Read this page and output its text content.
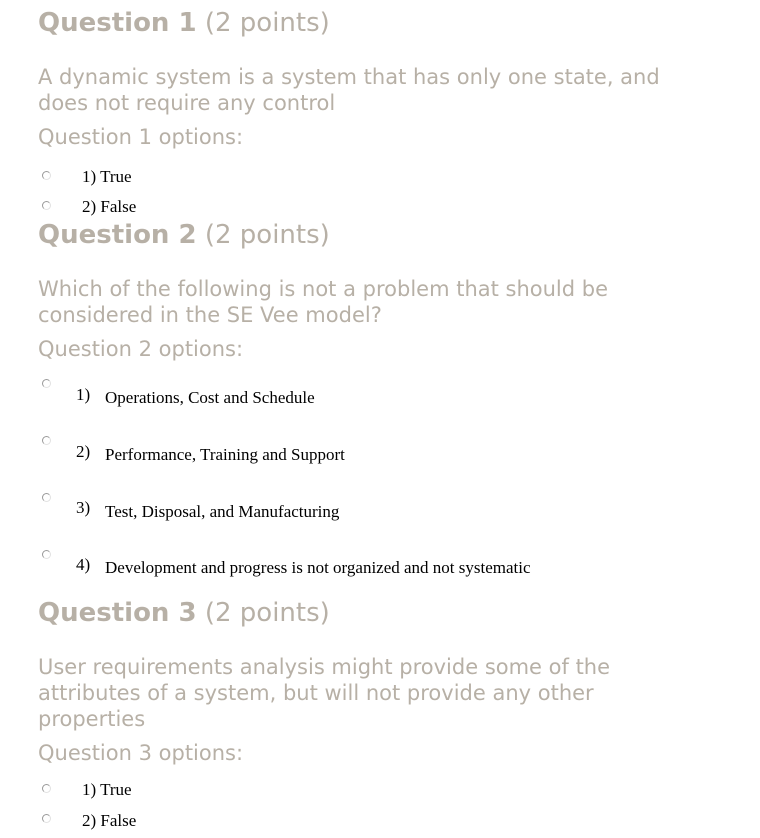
Question 1 (2 points)

A dynamic system is a system that has only one state, and

does not require any control

Question 1 options:

1) True
2) False
Question 2 (2 points)

Which of the following is not a problem that should be

considered in the SE Vee model?

Question 2 options:

1) Operations, Cost and Schedule
2) Performance, Training and Support
3) Test, Disposal, and Manufacturing
4) Development and progress is not organized and not systematic
Question 3 (2 points)

User requirements analysis might provide some of the

attributes of a system, but will not provide any other

properties

Question 3 options:

1) True
2) False
